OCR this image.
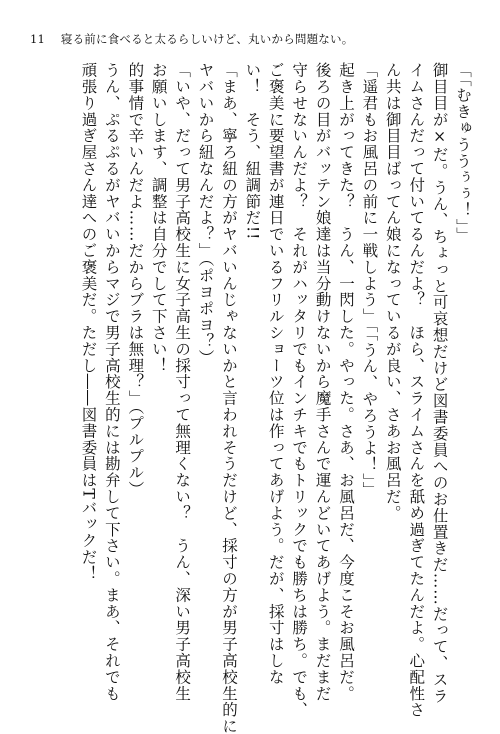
11 寝る前に食べると太るらしいけど、丸いから問題ない。

「「むきゅううぅぅ！」」

御目目が×だ。うん、ちょっと可哀想だけど図書委員へのお仕置きだ……だって、スラ

イムさんだって付いてるんだよ？　ほら、スライムさんを舐め過ぎてたんだよ。心配性さ

ん共は御目目ばってん娘になっているが良い、さあお風呂だ。

「遥君もお風呂の前に一戦しよう」「「うん、やろうよ！」」

起き上がってきた？　うん、一閃した。やった。さあ、お風呂だ、今度こそお風呂だ。

後ろの目がバッテン娘達は当分動けないから魔手さんで運んどいてあげよう。まだまだ

守らせないんだよ？　それがハッタリでもインチキでもトリックでも勝ちは勝ち。でも、

ご褒美に要望書が連日でいるフリルショーツ位は作ってあげよう。だが、採寸はしな

い！　そう、紐調節だ!!

「まあ、寧ろ紐の方がヤバいんじゃないかと言われそうだけど、採寸の方が男子高校生的に

ヤバいから紐なんだよ？」（ポヨポヨ？）

「いや、だって男子高校生に女子高生の採寸って無理くない？　うん、深い男子高校生

お願いします、調整は自分でして下さい！

的事情で辛いんだよ……だからブラは無理？」（プルプル）

うん、ぷるぷるがヤバいからマジで男子高校生的には勘弁して下さい。まあ、それでも

頑張り過ぎ屋さん達へのご褒美だ。ただし――図書委員はTバックだ！
